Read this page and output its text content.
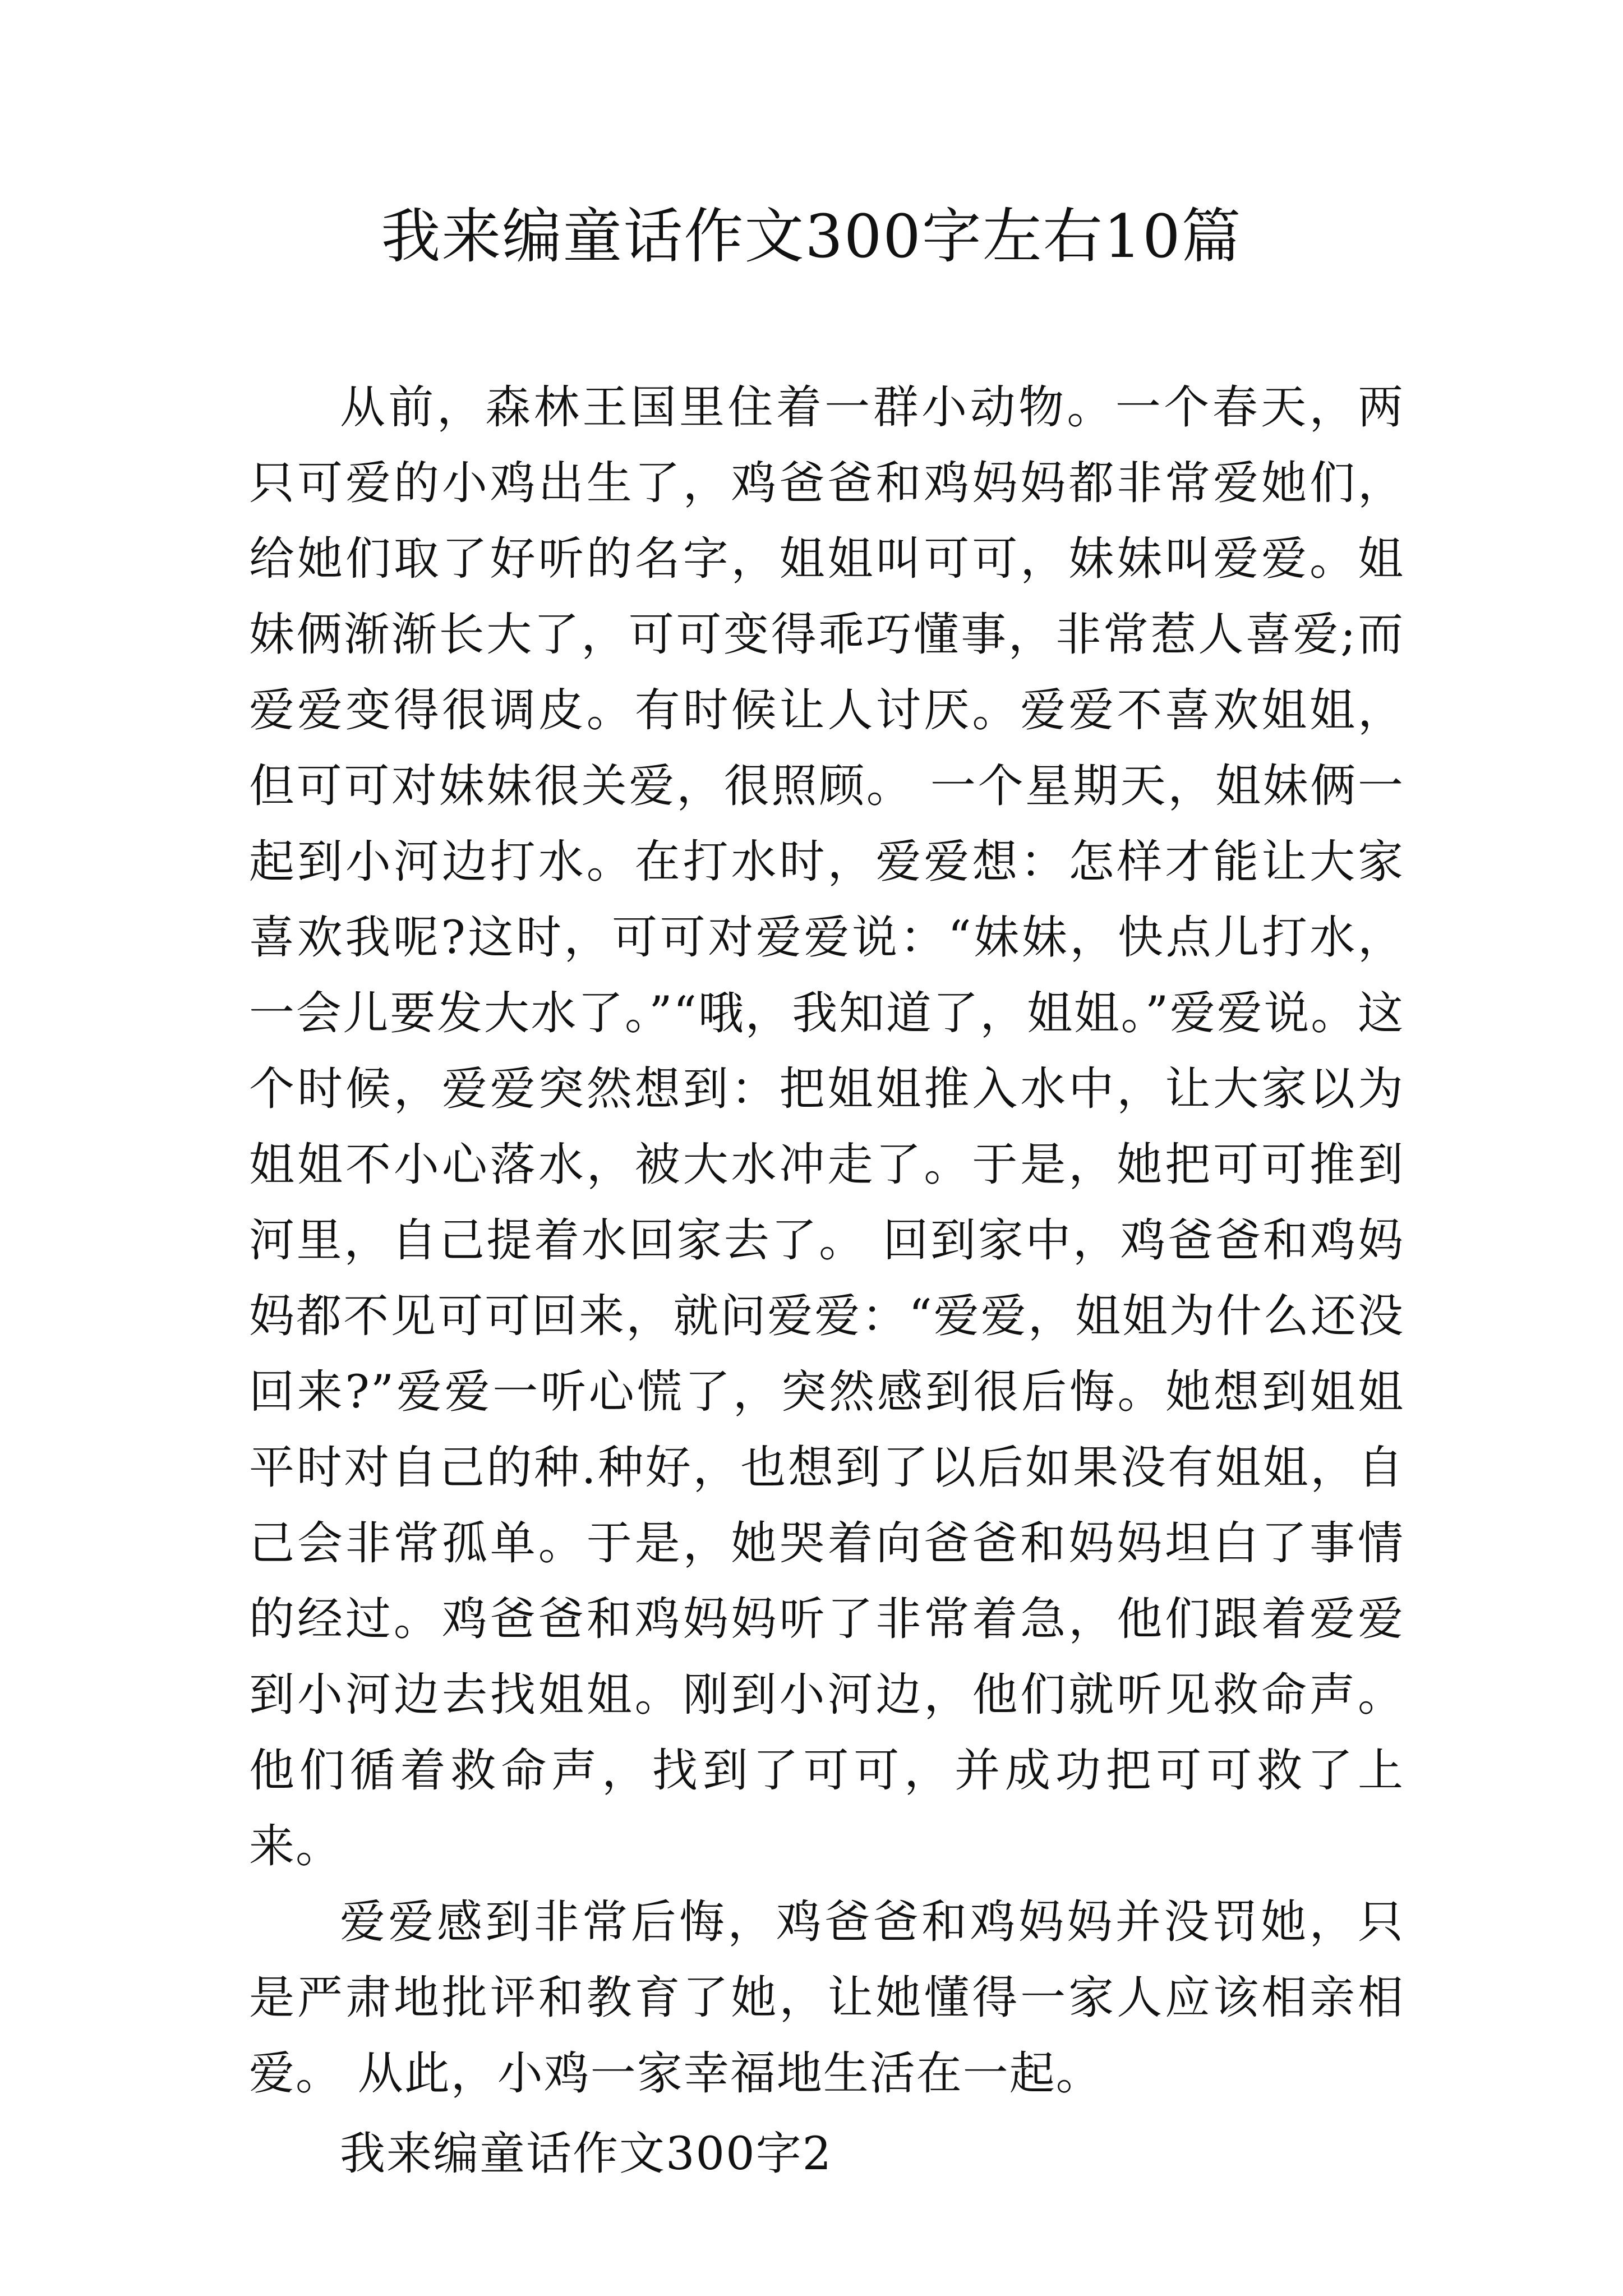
我来编童话作文300字左右10篇

从前，森林王国里住着一群小动物。一个春天，两只可爱的小鸡出生了，鸡爸爸和鸡妈妈都非常爱她们，给她们取了好听的名字，姐姐叫可可，妹妹叫爱爱。姐妹俩渐渐长大了，可可变得乖巧懂事，非常惹人喜爱;而爱爱变得很调皮。有时候让人讨厌。爱爱不喜欢姐姐，但可可对妹妹很关爱，很照顾。 一个星期天，姐妹俩一起到小河边打水。在打水时，爱爱想：怎样才能让大家喜欢我呢?这时，可可对爱爱说：“妹妹，快点儿打水，一会儿要发大水了。”“哦，我知道了，姐姐。”爱爱说。这个时候，爱爱突然想到：把姐姐推入水中，让大家以为姐姐不小心落水，被大水冲走了。于是，她把可可推到河里，自己提着水回家去了。 回到家中，鸡爸爸和鸡妈妈都不见可可回来，就问爱爱：“爱爱，姐姐为什么还没回来?”爱爱一听心慌了，突然感到很后悔。她想到姐姐平时对自己的种.种好，也想到了以后如果没有姐姐，自己会非常孤单。于是，她哭着向爸爸和妈妈坦白了事情的经过。鸡爸爸和鸡妈妈听了非常着急，他们跟着爱爱到小河边去找姐姐。刚到小河边，他们就听见救命声。他们循着救命声，找到了可可，并成功把可可救了上来。

爱爱感到非常后悔，鸡爸爸和鸡妈妈并没罚她，只是严肃地批评和教育了她，让她懂得一家人应该相亲相爱。 从此，小鸡一家幸福地生活在一起。

我来编童话作文300字2
